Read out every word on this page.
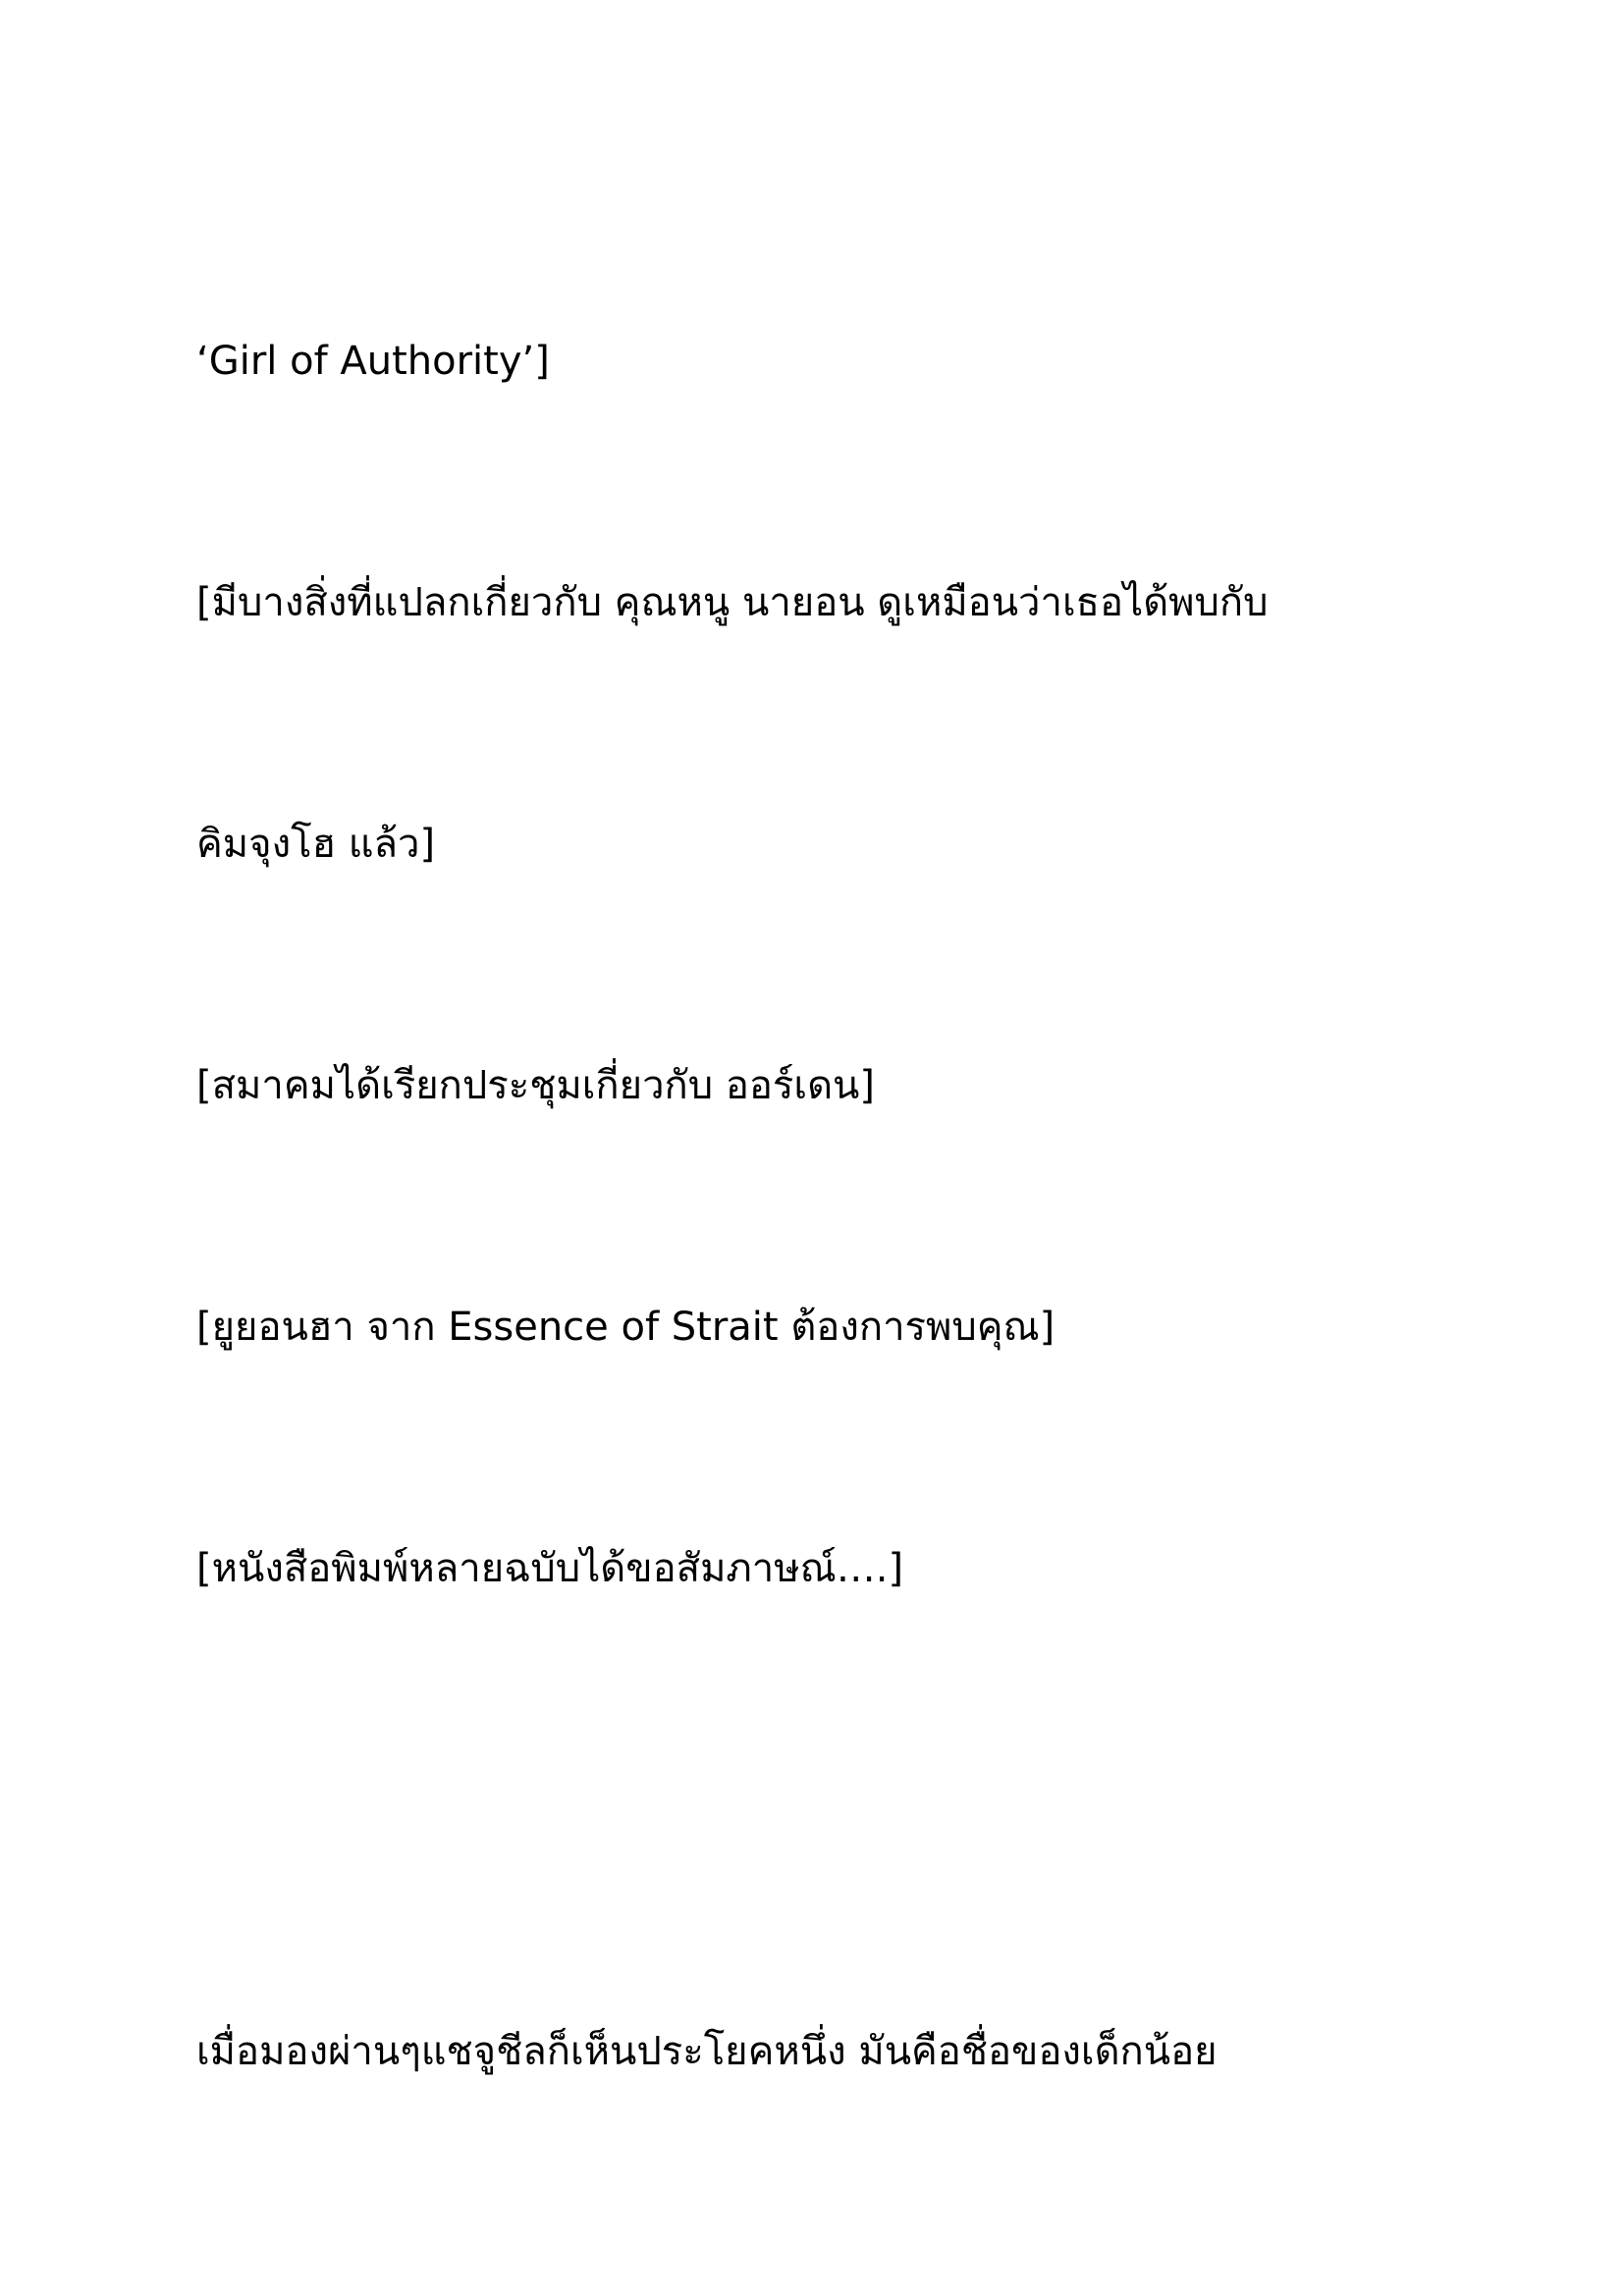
‘Girl of Authority’]

[มีบางสิ่งที่แปลกเกี่ยวกับ คุณหนู นายอน ดูเหมือนว่าเธอได้พบกับ

คิมจุงโฮ แล้ว]

[สมาคมได้เรียกประชุมเกี่ยวกับ ออร์เดน]

[ยูยอนฮา จาก Essence of Strait ต้องการพบคุณ]

[หนังสือพิมพ์หลายฉบับได้ขอสัมภาษณ์….]

เมื่อมองผ่านๆแชจูชีลก็เห็นประโยคหนึ่ง มันคือชื่อของเด็กน้อย
